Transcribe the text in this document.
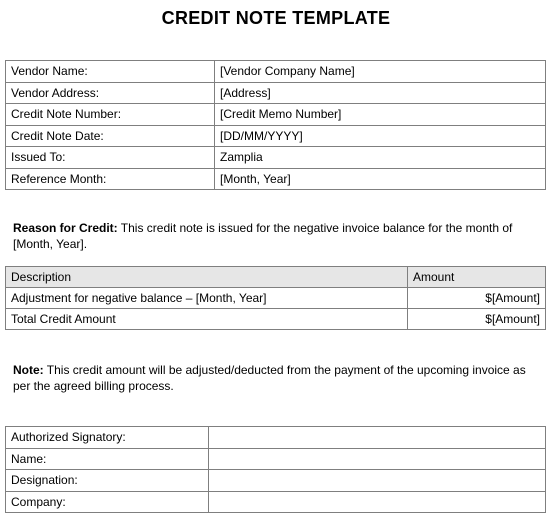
CREDIT NOTE TEMPLATE
Vendor Name:	[Vendor Company Name]
Vendor Address:	[Address]
Credit Note Number:	[Credit Memo Number]
Credit Note Date:	[DD/MM/YYYY]
Issued To:	Zamplia
Reference Month:	[Month, Year]
Reason for Credit: This credit note is issued for the negative invoice balance for the month of [Month, Year].
Description	Amount
Adjustment for negative balance – [Month, Year]	$[Amount]
Total Credit Amount	$[Amount]
Note: This credit amount will be adjusted/deducted from the payment of the upcoming invoice as per the agreed billing process.
Authorized Signatory:	
Name:	
Designation:	
Company:	
